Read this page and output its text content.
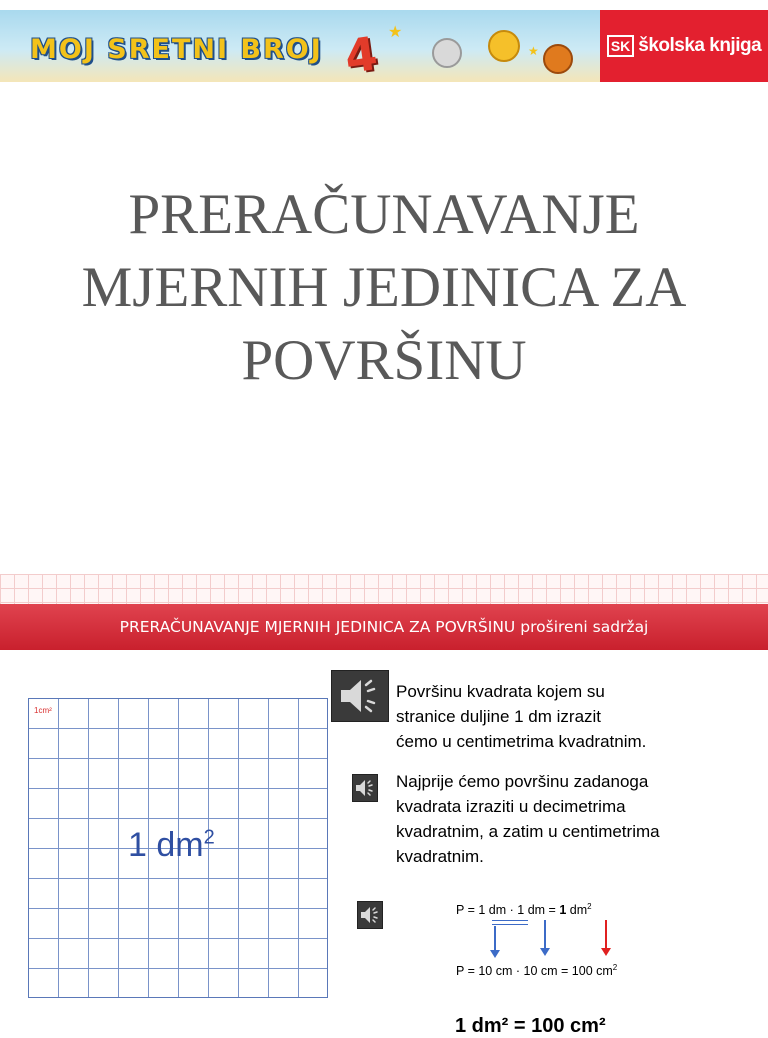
MOJ SRETNI BROJ 4 ★
★	SK školska knjiga
PRERAČUNAVANJE
MJERNIH JEDINICA ZA
POVRŠINU
PRERAČUNAVANJE MJERNIH JEDINICA ZA POVRŠINU prošireni sadržaj
1cm²
1 $dm^2$
Površinu kvadrata kojem su
stranice duljine 1 dm izrazit
ćemo u centimetrima kvadratnim.
Najprije ćemo površinu zadanoga
kvadrata izraziti u decimetrima
kvadratnim, a zatim u centimetrima
kvadratnim.
P = 1 dm · 1 dm = 1 $dm^2$
P = 10 cm · 10 cm = 100 $cm^2$
1 dm² = 100 cm²
